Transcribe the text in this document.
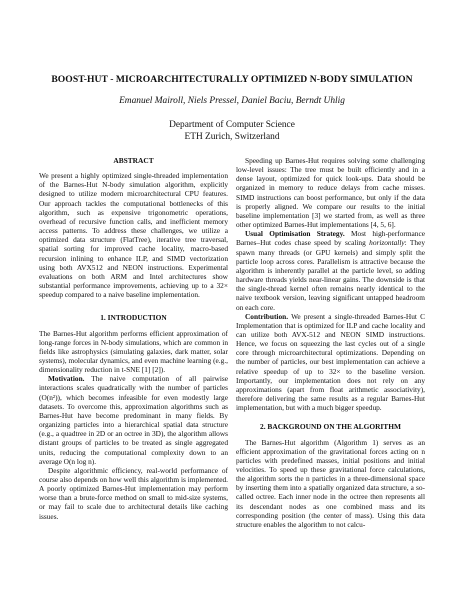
BOOST-HUT - MICROARCHITECTURALLY OPTIMIZED N-BODY SIMULATION
Emanuel Mairoll, Niels Pressel, Daniel Baciu, Berndt Uhlig
Department of Computer Science
ETH Zurich, Switzerland
ABSTRACT

We present a highly optimized single-threaded implementation of the Barnes-Hut N-body simulation algorithm, explicitly designed to utilize modern microarchitectural CPU features. Our approach tackles the computational bottlenecks of this algorithm, such as expensive trigonometric operations, overhead of recursive function calls, and inefficient memory access patterns. To address these challenges, we utilize a optimized data structure (FlatTree), iterative tree traversal, spatial sorting for improved cache locality, macro-based recursion inlining to enhance ILP, and SIMD vectorization using both AVX512 and NEON instructions. Experimental evaluations on both ARM and Intel architectures show substantial performance improvements, achieving up to a 32× speedup compared to a naive baseline implementation.

1. INTRODUCTION

The Barnes-Hut algorithm performs efficient approximation of long-range forces in N-body simulations, which are common in fields like astrophysics (simulating galaxies, dark matter, solar systems), molecular dynamics, and even machine learning (e.g., dimensionality reduction in t-SNE [1] [2]).

Motivation. The naive computation of all pairwise interactions scales quadratically with the number of particles (O(n²)), which becomes infeasible for even modestly large datasets. To overcome this, approximation algorithms such as Barnes-Hut have become predominant in many fields. By organizing particles into a hierarchical spatial data structure (e.g., a quadtree in 2D or an octree in 3D), the algorithm allows distant groups of particles to be treated as single aggregated units, reducing the computational complexity down to an average O(n log n).

Despite algorithmic efficiency, real-world performance of course also depends on how well this algorithm is implemented. A poorly optimized Barnes-Hut implementation may perform worse than a brute-force method on small to mid-size systems, or may fail to scale due to architectural details like caching issues.

Speeding up Barnes-Hut requires solving some challenging low-level issues: The tree must be built efficiently and in a dense layout, optimized for quick look-ups. Data should be organized in memory to reduce delays from cache misses. SIMD instructions can boost performance, but only if the data is properly aligned. We compare our results to the initial baseline implementation [3] we started from, as well as three other optimized Barnes-Hut implementations [4, 5, 6].

Usual Optimisation Strategy. Most high-performance Barnes–Hut codes chase speed by scaling horizontally: They spawn many threads (or GPU kernels) and simply split the particle loop across cores. Parallelism is attractive because the algorithm is inherently parallel at the particle level, so adding hardware threads yields near-linear gains. The downside is that the single-thread kernel often remains nearly identical to the naive textbook version, leaving significant untapped headroom on each core.

Contribution. We present a single-threaded Barnes-Hut C Implementation that is optimized for ILP and cache locality and can utilize both AVX-512 and NEON SIMD instructions. Hence, we focus on squeezing the last cycles out of a single core through microarchitectural optimizations. Depending on the number of particles, our best implementation can achieve a relative speedup of up to 32× to the baseline version. Importantly, our implementation does not rely on any approximations (apart from float arithmetic associativity), therefore delivering the same results as a regular Barnes-Hut implementation, but with a much bigger speedup.

2. BACKGROUND ON THE ALGORITHM

The Barnes-Hut algorithm (Algorithm 1) serves as an efficient approximation of the gravitational forces acting on n particles with predefined masses, initial positions and initial velocities. To speed up these gravitational force calculations, the algorithm sorts the n particles in a three-dimensional space by inserting them into a spatially organized data structure, a so-called octree. Each inner node in the octree then represents all its descendant nodes as one combined mass and its corresponding position (the center of mass). Using this data structure enables the algorithm to not calcu-
